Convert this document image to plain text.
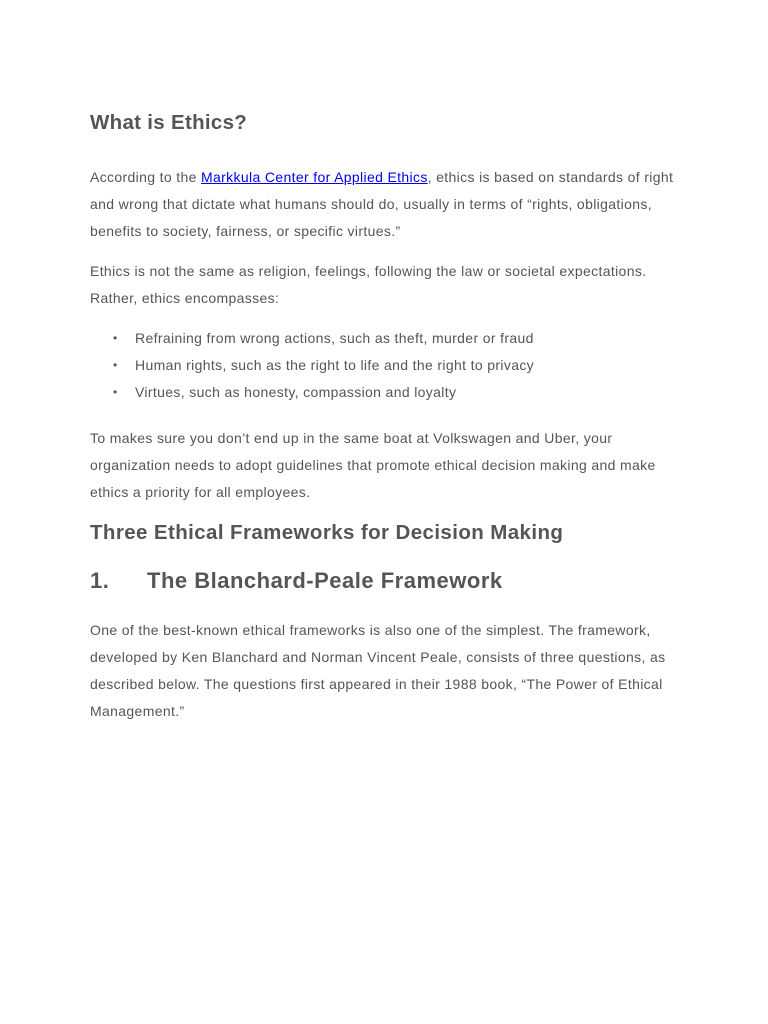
What is Ethics?

According to the Markkula Center for Applied Ethics, ethics is based on standards of right and wrong that dictate what humans should do, usually in terms of “rights, obligations, benefits to society, fairness, or specific virtues.”

Ethics is not the same as religion, feelings, following the law or societal expectations. Rather, ethics encompasses:

• Refraining from wrong actions, such as theft, murder or fraud
• Human rights, such as the right to life and the right to privacy
• Virtues, such as honesty, compassion and loyalty

To makes sure you don’t end up in the same boat at Volkswagen and Uber, your organization needs to adopt guidelines that promote ethical decision making and make ethics a priority for all employees.

Three Ethical Frameworks for Decision Making
1.	The Blanchard-Peale Framework

One of the best-known ethical frameworks is also one of the simplest. The framework, developed by Ken Blanchard and Norman Vincent Peale, consists of three questions, as described below. The questions first appeared in their 1988 book, “The Power of Ethical Management.”
